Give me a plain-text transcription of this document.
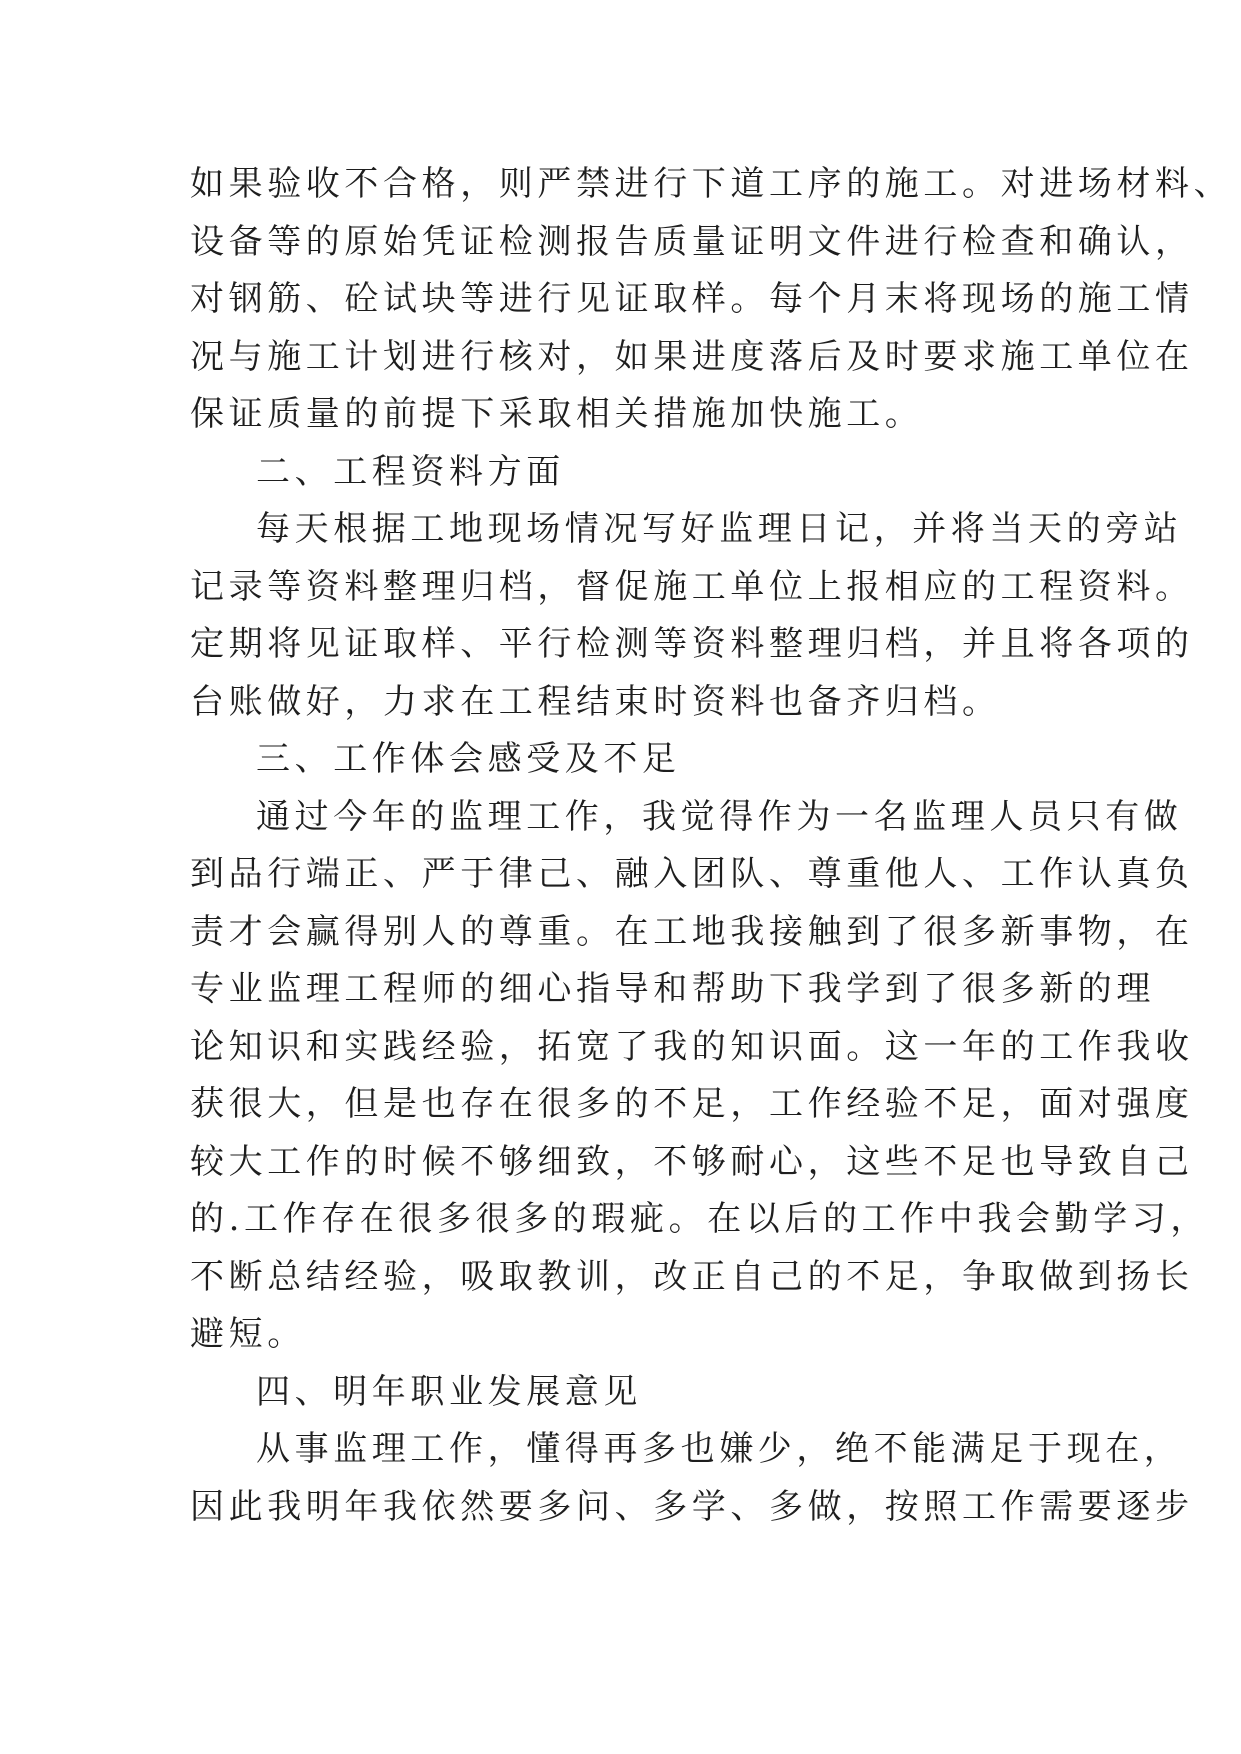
如果验收不合格，则严禁进行下道工序的施工。对进场材料、
设备等的原始凭证检测报告质量证明文件进行检查和确认，
对钢筋、砼试块等进行见证取样。每个月末将现场的施工情
况与施工计划进行核对，如果进度落后及时要求施工单位在
保证质量的前提下采取相关措施加快施工。
二、工程资料方面
每天根据工地现场情况写好监理日记，并将当天的旁站
记录等资料整理归档，督促施工单位上报相应的工程资料。
定期将见证取样、平行检测等资料整理归档，并且将各项的
台账做好，力求在工程结束时资料也备齐归档。
三、工作体会感受及不足
通过今年的监理工作，我觉得作为一名监理人员只有做
到品行端正、严于律己、融入团队、尊重他人、工作认真负
责才会赢得别人的尊重。在工地我接触到了很多新事物，在
专业监理工程师的细心指导和帮助下我学到了很多新的理
论知识和实践经验，拓宽了我的知识面。这一年的工作我收
获很大，但是也存在很多的不足，工作经验不足，面对强度
较大工作的时候不够细致，不够耐心，这些不足也导致自己
的.工作存在很多很多的瑕疵。在以后的工作中我会勤学习，
不断总结经验，吸取教训，改正自己的不足，争取做到扬长
避短。
四、明年职业发展意见
从事监理工作，懂得再多也嫌少，绝不能满足于现在，
因此我明年我依然要多问、多学、多做，按照工作需要逐步
